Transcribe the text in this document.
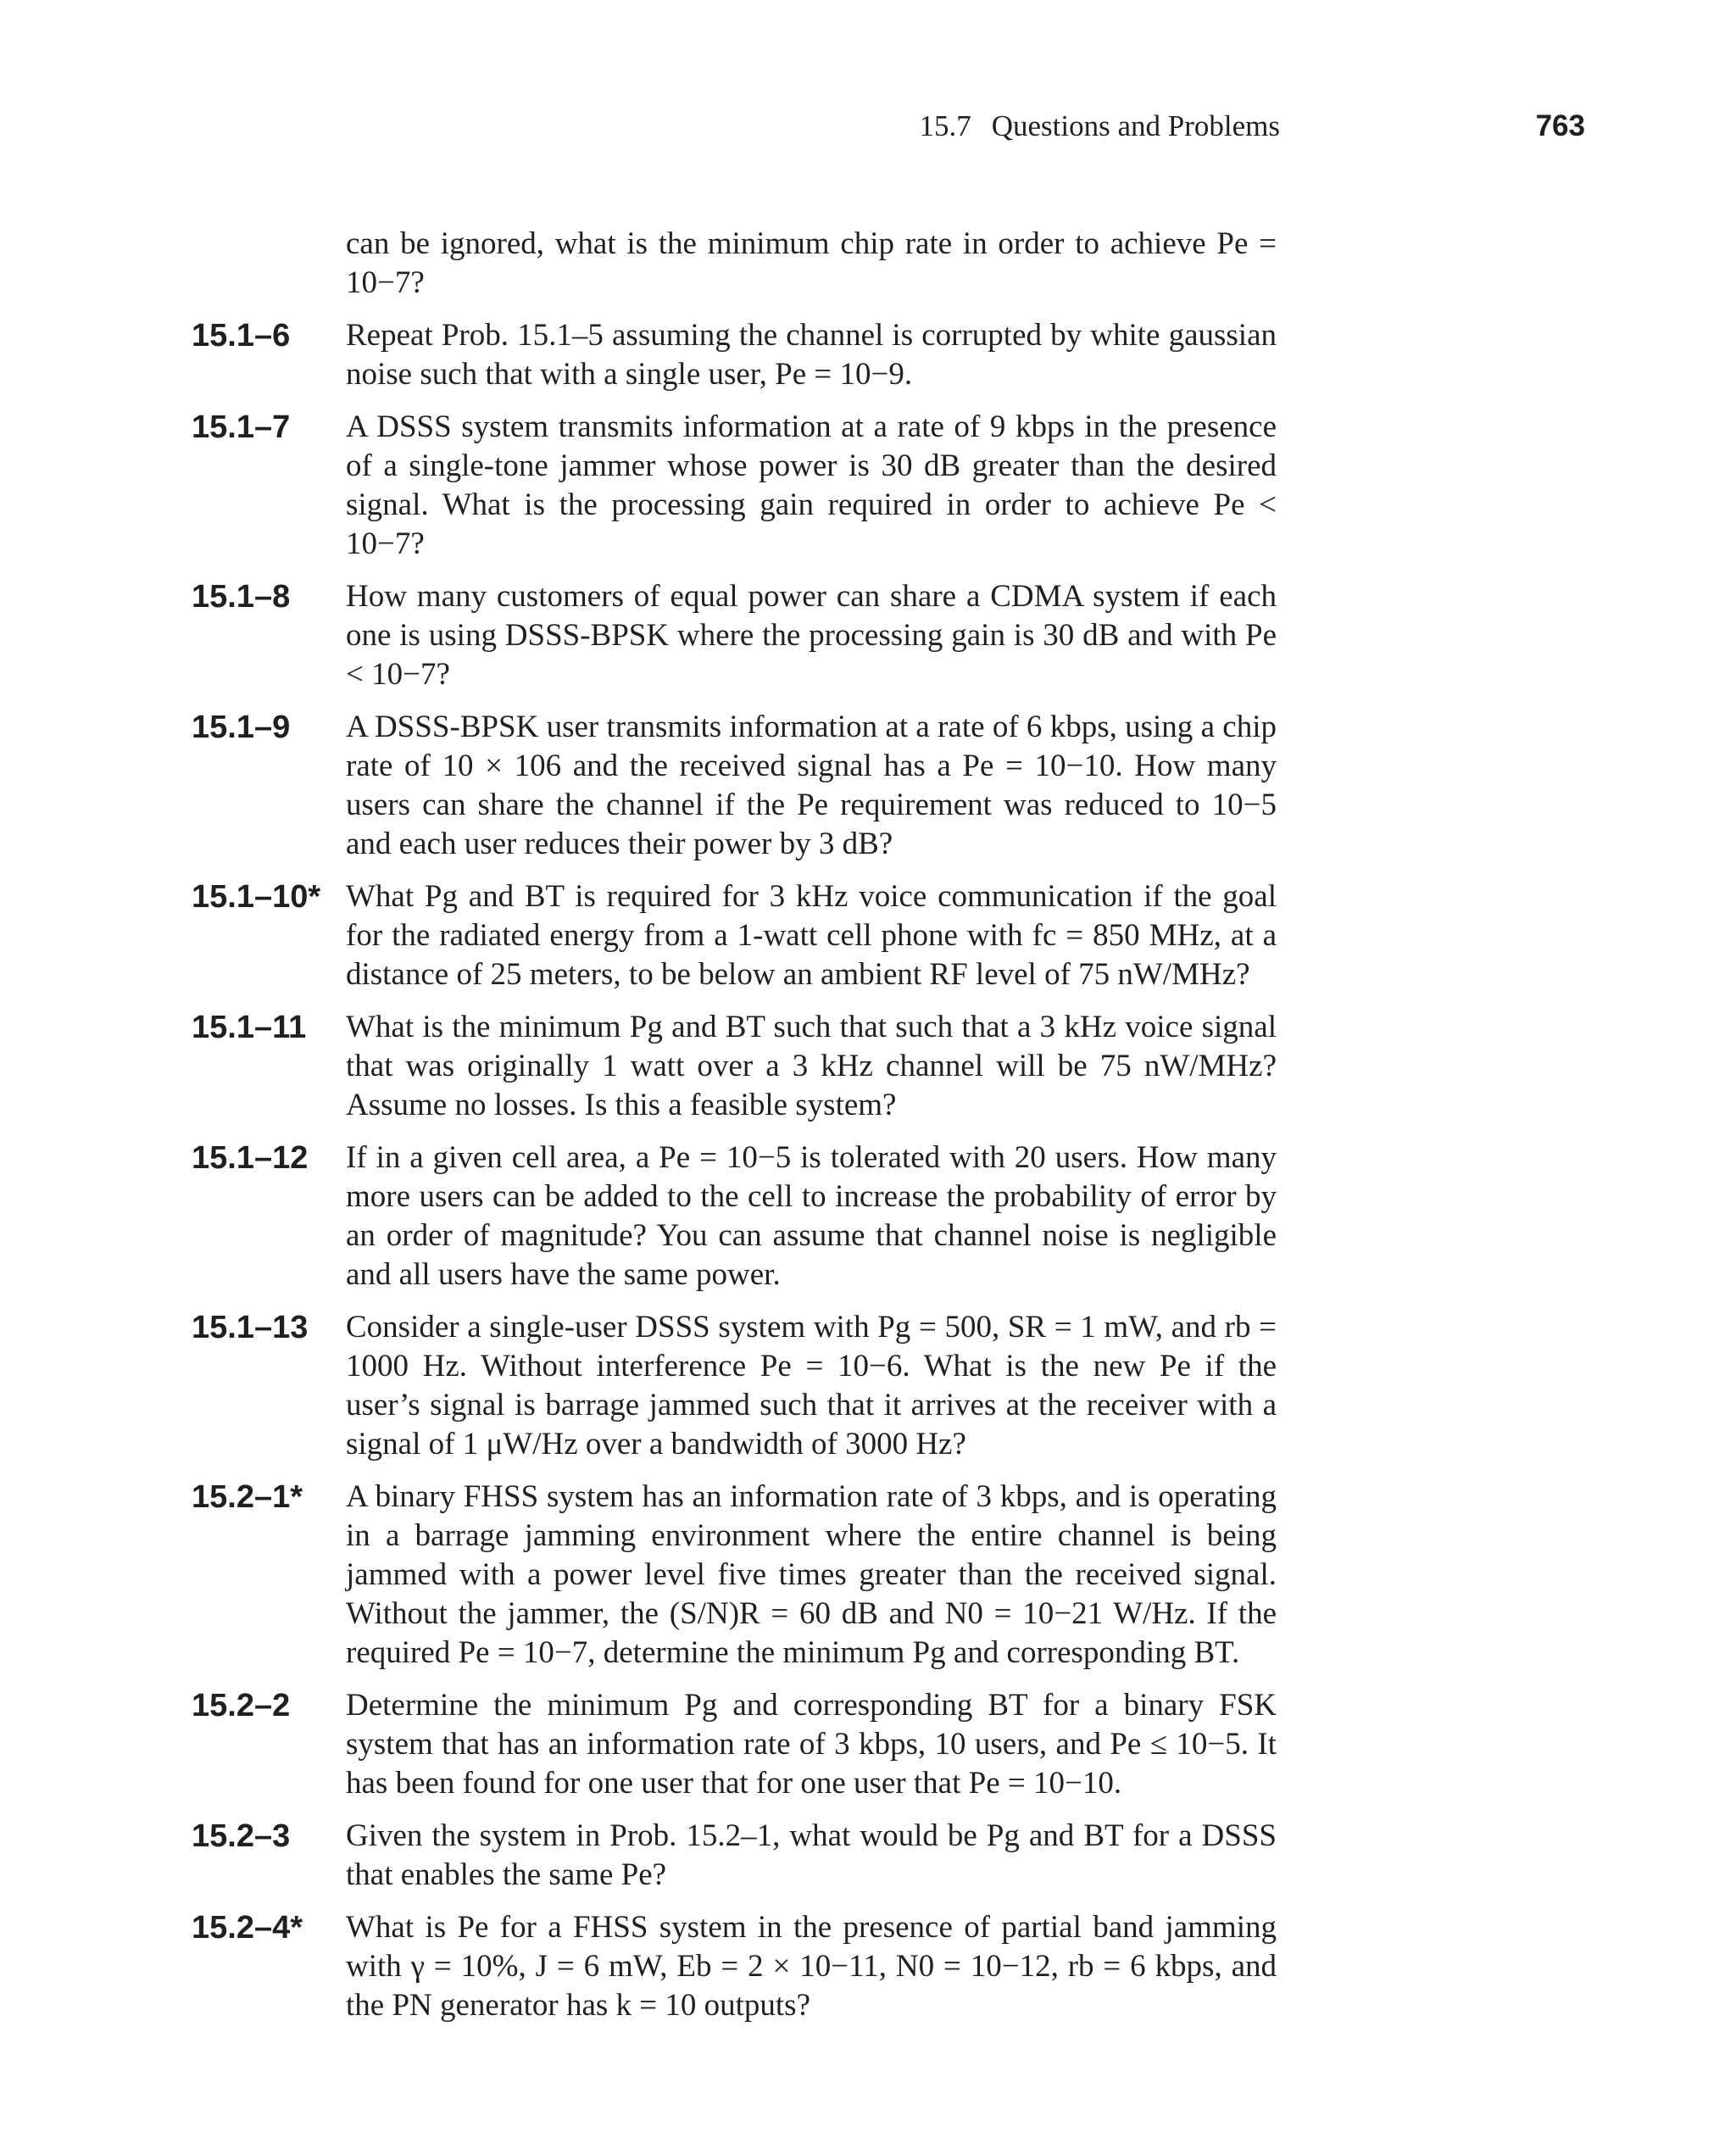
15.7 Questions and Problems	763
can be ignored, what is the minimum chip rate in order to achieve Pe = 10−7?
15.1–6	Repeat Prob. 15.1–5 assuming the channel is corrupted by white gaussian noise such that with a single user, Pe = 10−9.
15.1–7	A DSSS system transmits information at a rate of 9 kbps in the presence of a single-tone jammer whose power is 30 dB greater than the desired signal. What is the processing gain required in order to achieve Pe < 10−7?
15.1–8	How many customers of equal power can share a CDMA system if each one is using DSSS-BPSK where the processing gain is 30 dB and with Pe < 10−7?
15.1–9	A DSSS-BPSK user transmits information at a rate of 6 kbps, using a chip rate of 10 × 106 and the received signal has a Pe = 10−10. How many users can share the channel if the Pe requirement was reduced to 10−5 and each user reduces their power by 3 dB?
15.1–10* What Pg and BT is required for 3 kHz voice communication if the goal for the radiated energy from a 1-watt cell phone with fc = 850 MHz, at a distance of 25 meters, to be below an ambient RF level of 75 nW/MHz?
15.1–11	What is the minimum Pg and BT such that such that a 3 kHz voice signal that was originally 1 watt over a 3 kHz channel will be 75 nW/MHz? Assume no losses. Is this a feasible system?
15.1–12	If in a given cell area, a Pe = 10−5 is tolerated with 20 users. How many more users can be added to the cell to increase the probability of error by an order of magnitude? You can assume that channel noise is negligible and all users have the same power.
15.1–13	Consider a single-user DSSS system with Pg = 500, SR = 1 mW, and rb = 1000 Hz. Without interference Pe = 10−6. What is the new Pe if the user’s signal is barrage jammed such that it arrives at the receiver with a signal of 1 μW/Hz over a bandwidth of 3000 Hz?
15.2–1*	A binary FHSS system has an information rate of 3 kbps, and is operating in a barrage jamming environment where the entire channel is being jammed with a power level five times greater than the received signal. Without the jammer, the (S/N)R = 60 dB and N0 = 10−21 W/Hz. If the required Pe = 10−7, determine the minimum Pg and corresponding BT.
15.2–2	Determine the minimum Pg and corresponding BT for a binary FSK system that has an information rate of 3 kbps, 10 users, and Pe ≤ 10−5. It has been found for one user that for one user that Pe = 10−10.
15.2–3	Given the system in Prob. 15.2–1, what would be Pg and BT for a DSSS that enables the same Pe?
15.2–4*	What is Pe for a FHSS system in the presence of partial band jamming with γ = 10%, J = 6 mW, Eb = 2 × 10−11, N0 = 10−12, rb = 6 kbps, and the PN generator has k = 10 outputs?
